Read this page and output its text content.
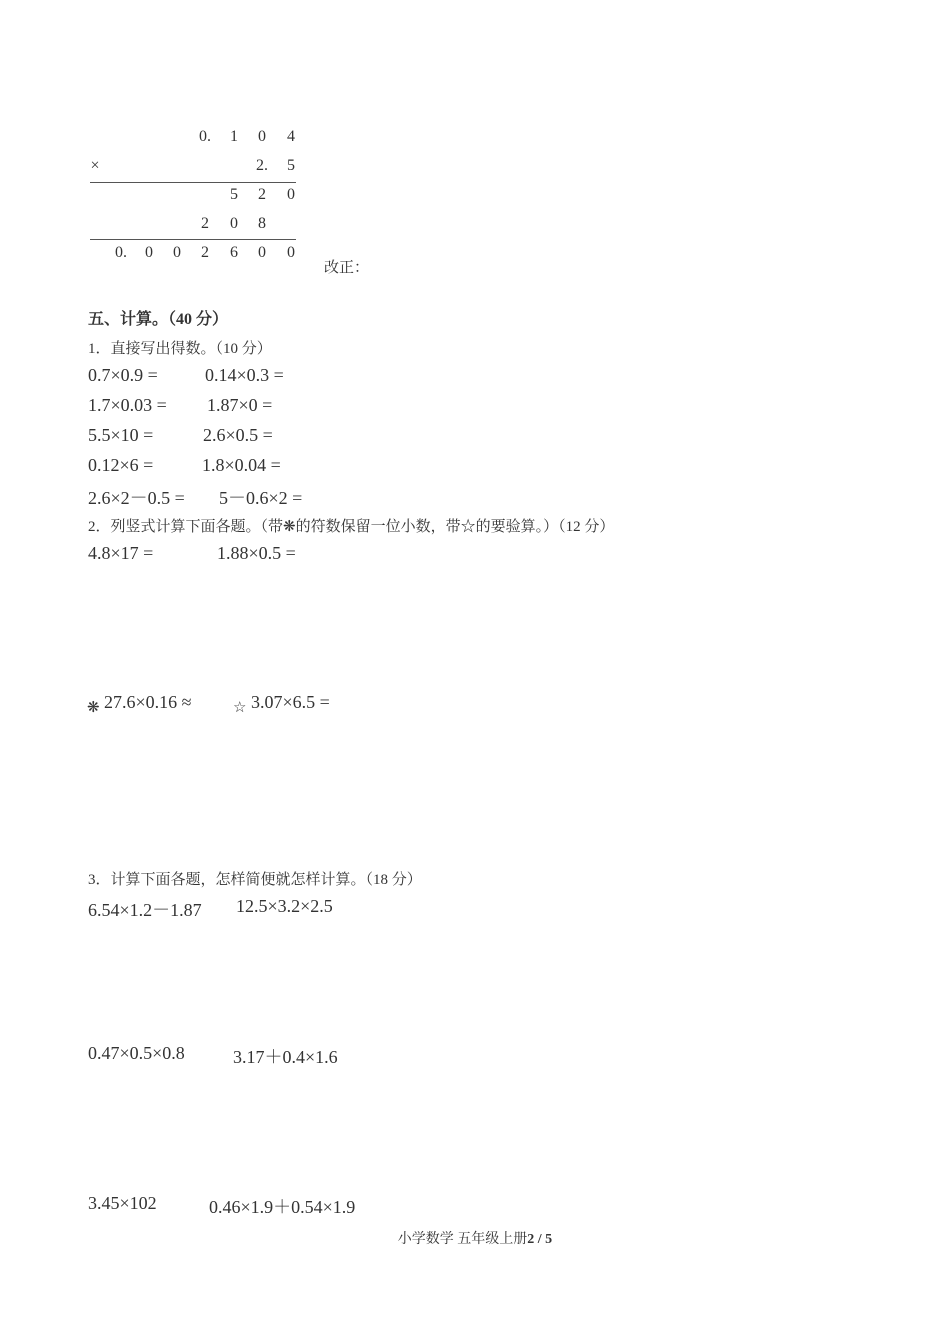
0. 1 0 4
×	2. 5
5 2 0
2 0 8
0. 0 0 2 6 0 0
改正：
五、计算。（40 分）
1．直接写出得数。（10 分）
0.7×0.9 =	0.14×0.3 =
1.7×0.03 = 1.87×0 =
5.5×10 =	2.6×0.5 =
0.12×6 =	1.8×0.04 =
2.6×2－0.5 = 5－0.6×2 =
2．列竖式计算下面各题。（带❋的符数保留一位小数，带☆的要验算。）（12 分）
4.8×17 =	1.88×0.5 =
❋ 27.6×0.16 ≈	☆ 3.07×6.5 =
3．计算下面各题，怎样简便就怎样计算。（18 分）
6.54×1.2－1.87 12.5×3.2×2.5
0.47×0.5×0.8	3.17＋0.4×1.6
3.45×102	0.46×1.9＋0.54×1.9
小学数学 五年级上册2 / 5
